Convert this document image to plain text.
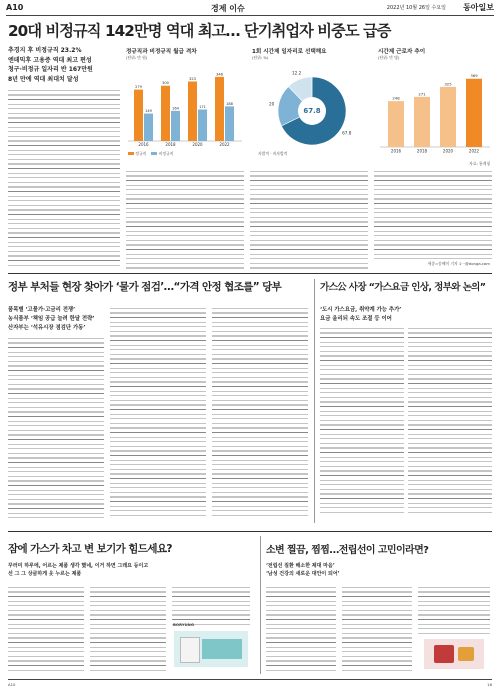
A10	경제 이슈	2022년 10월 26일 수요일 동아일보
20대 비정규직 142만명 역대 최고… 단기취업자 비중도 급증
추경지 후 비정규직 23.2%
엔데믹후 고용증 역대 최고 편성
청구·비정규 일자리 반 167만원
8년 만에 역대 최대치 달성
정규직과 비정규직 월급 격차
(단위: 만 원)
279
149
2016
300
164
2018
323
171
2020
348
188
2022
정규직	비정규직
1회 시간제 일자리로 선택해요
(단위: %)
67.8
20
12.2
67.8
자발적 · 비자발적
시간제 근로자 추이
(단위: 만 명)
248
2016
271
2018
325
2020
369
2022
자료: 통계청
세종=송혜미 기자 1ㅡ@donga.com
정부 부처들 현장 찾아가 ‘물가 점검’…“가격 안정 협조를” 당부
품목별 ‘고물가·고금리 전쟁’
농식품부 ‘책임 공급 늘려 한달 전략’
산자부는 ‘석유시장 점검단 가동’
가스公 사장 “가스요금 인상, 정부와 논의”
‘도시 가스요금, 취약계 가능 추가’
요금 올리되 속도 조절 등 이어
잠에 가스가 차고 변 보기가 힘드세요?
꾸러미 하루에, 어르는 제품 생각 했네, 이거 하면 그래요 등이고
선 그 그 상큼하게 웃 누르는 제품
BORYUNG
소변 찔끔, 찜찜…전립선이 고민이라면?
‘전립선 질환 해소한 제대 마음’
‘남성 건강의 새로운 대안이 되어’
A10	16
